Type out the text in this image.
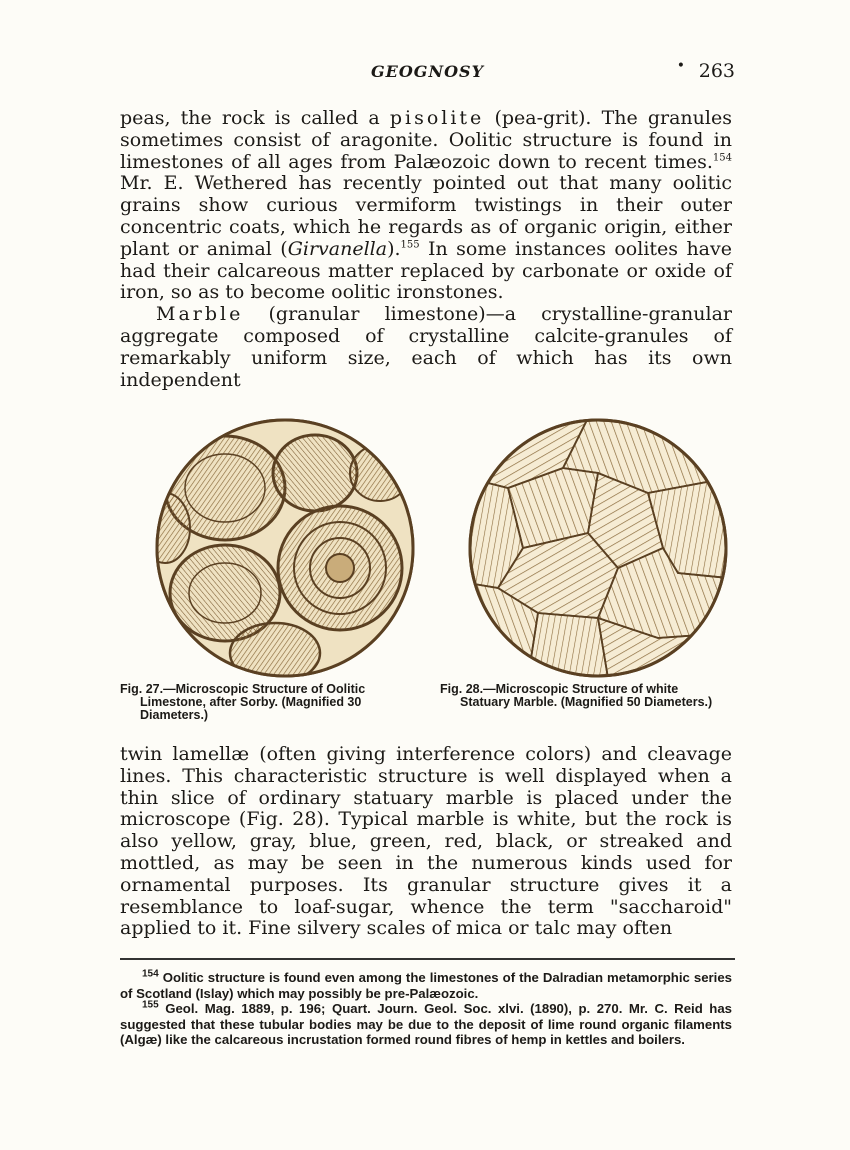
GEOGNOSY	• 263

peas, the rock is called a pisolite (pea-grit). The granules sometimes consist of aragonite. Oolitic structure is found in limestones of all ages from Palæozoic down to recent times.$^{154}$ Mr. E. Wethered has recently pointed out that many oolitic grains show curious vermiform twistings in their outer concentric coats, which he regards as of organic origin, either plant or animal (Girvanella).$^{155}$ In some instances oolites have had their calcareous matter replaced by carbonate or oxide of iron, so as to become oolitic ironstones.

Marble (granular limestone)—a crystalline-granular aggregate composed of crystalline calcite-granules of remarkably uniform size, each of which has its own independent

Fig. 27.—Microscopic Structure of Oolitic
Limestone, after Sorby. (Magnified 30 Diameters.)
Fig. 28.—Microscopic Structure of white
Statuary Marble. (Magnified 50 Diameters.)

twin lamellæ (often giving interference colors) and cleavage lines. This characteristic structure is well displayed when a thin slice of ordinary statuary marble is placed under the microscope (Fig. 28). Typical marble is white, but the rock is also yellow, gray, blue, green, red, black, or streaked and mottled, as may be seen in the numerous kinds used for ornamental purposes. Its granular structure gives it a resemblance to loaf-sugar, whence the term "saccharoid" applied to it. Fine silvery scales of mica or talc may often

$^{154}$ Oolitic structure is found even among the limestones of the Dalradian metamorphic series of Scotland (Islay) which may possibly be pre-Palæozoic.

$^{155}$ Geol. Mag. 1889, p. 196; Quart. Journ. Geol. Soc. xlvi. (1890), p. 270. Mr. C. Reid has suggested that these tubular bodies may be due to the deposit of lime round organic filaments (Algæ) like the calcareous incrustation formed round fibres of hemp in kettles and boilers.
